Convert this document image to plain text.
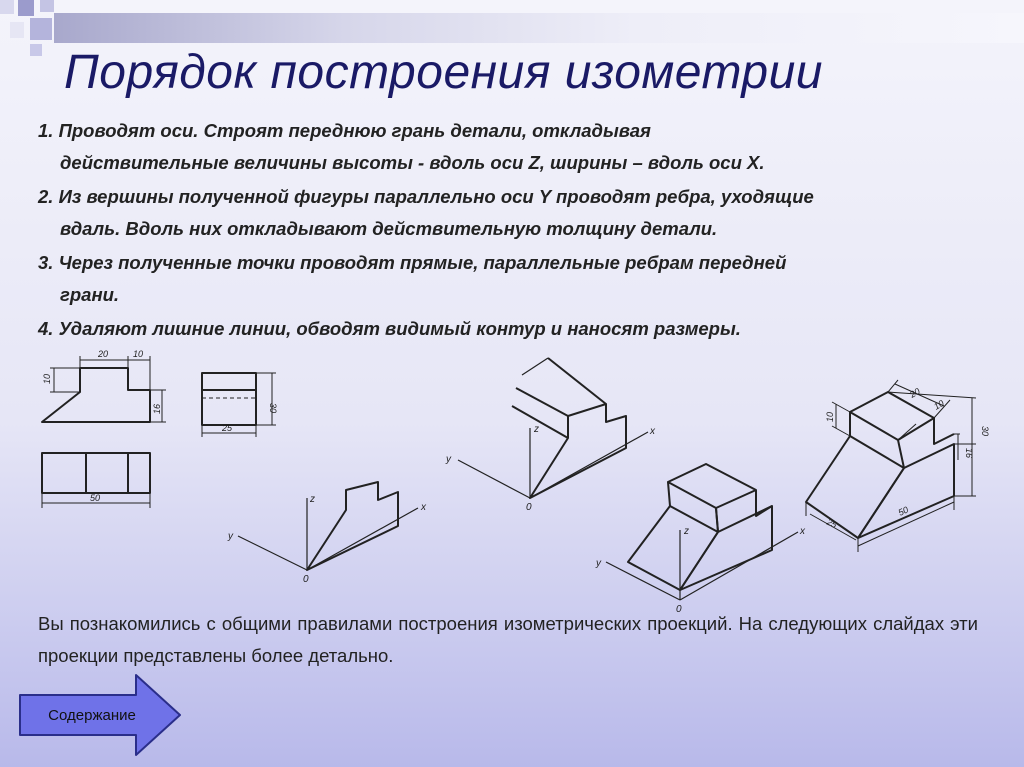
Порядок построения изометрии
1. Проводят оси. Строят переднюю грань детали, откладывая
действительные величины высоты - вдоль оси Z, ширины – вдоль оси X.
2. Из вершины полученной фигуры параллельно оси Y проводят ребра, уходящие
вдаль. Вдоль них откладывают действительную толщину детали.
3. Через полученные точки проводят прямые, параллельные ребрам передней
грани.
4. Удаляют лишние линии, обводят видимый контур и наносят размеры.
20	10
10
16	30
25
50	z
y
x
0
z
y
x
0
z
y
x
0
10
20
10
30
16
50
25

Вы познакомились с общими правилами построения изометрических проекций. На следующих слайдах эти проекции представлены более детально.

Содержание
